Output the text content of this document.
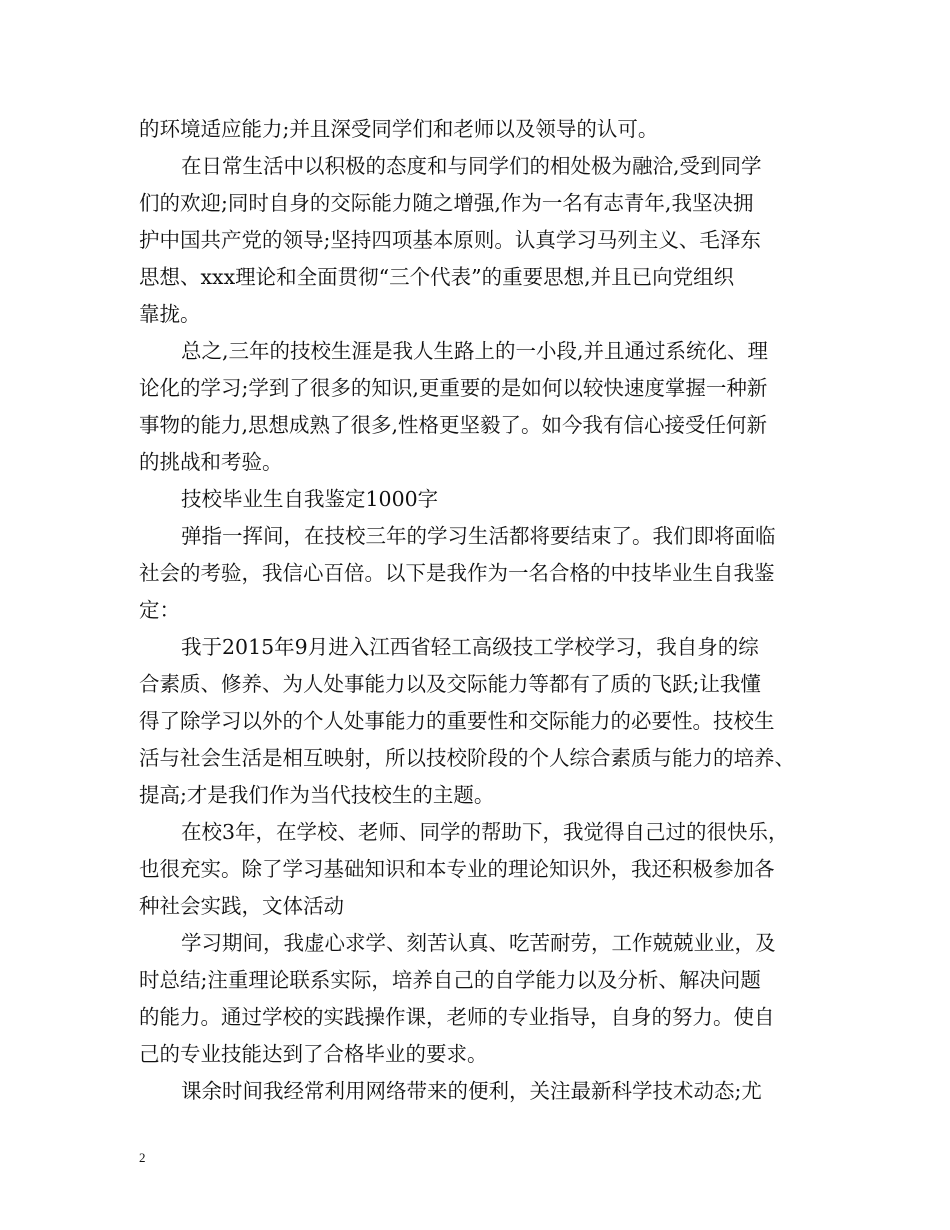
的环境适应能力;并且深受同学们和老师以及领导的认可。
在日常生活中以积极的态度和与同学们的相处极为融洽,受到同学
们的欢迎;同时自身的交际能力随之增强,作为一名有志青年,我坚决拥
护中国共产党的领导;坚持四项基本原则。认真学习马列主义、毛泽东
思想、xxx理论和全面贯彻“三个代表”的重要思想,并且已向党组织
靠拢。
总之,三年的技校生涯是我人生路上的一小段,并且通过系统化、理
论化的学习;学到了很多的知识,更重要的是如何以较快速度掌握一种新
事物的能力,思想成熟了很多,性格更坚毅了。如今我有信心接受任何新
的挑战和考验。
技校毕业生自我鉴定1000字
弹指一挥间，在技校三年的学习生活都将要结束了。我们即将面临
社会的考验，我信心百倍。以下是我作为一名合格的中技毕业生自我鉴
定：
我于2015年9月进入江西省轻工高级技工学校学习，我自身的综
合素质、修养、为人处事能力以及交际能力等都有了质的飞跃;让我懂
得了除学习以外的个人处事能力的重要性和交际能力的必要性。技校生
活与社会生活是相互映射，所以技校阶段的个人综合素质与能力的培养、
提高;才是我们作为当代技校生的主题。
在校3年，在学校、老师、同学的帮助下，我觉得自己过的很快乐，
也很充实。除了学习基础知识和本专业的理论知识外，我还积极参加各
种社会实践，文体活动
学习期间，我虚心求学、刻苦认真、吃苦耐劳，工作兢兢业业，及
时总结;注重理论联系实际，培养自己的自学能力以及分析、解决问题
的能力。通过学校的实践操作课，老师的专业指导，自身的努力。使自
己的专业技能达到了合格毕业的要求。
课余时间我经常利用网络带来的便利，关注最新科学技术动态;尤
2
